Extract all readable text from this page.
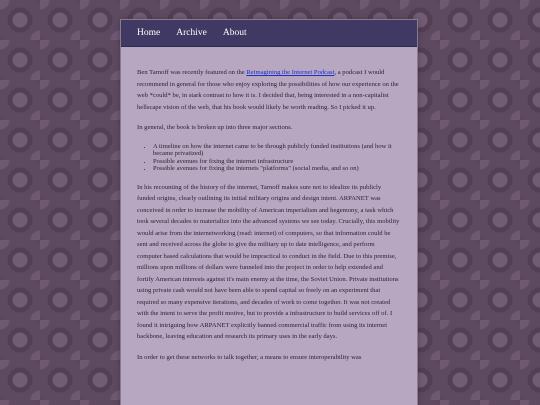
Home Archive About

Ben Tarnoff was recently featured on the Reimagining the Internet Podcast, a podcast I would recommend in general for those who enjoy exploring the possibilities of how our experience on the web *could* be, in stark contrast to how it is. I decided that, being interested in a non-capitalist hellscape vision of the web, that his book would likely be worth reading. So I picked it up.

In general, the book is broken up into three major sections.

• A timeline on how the internet came to be through publicly funded institutions (and how it became privatized)
• Possible avenues for fixing the internet infrastructure
• Possible avenues for fixing the internets "platforms" (social media, and so on)

In his recounting of the history of the internet, Tarnoff makes sure not to idealize its publicly funded origins, clearly outlining its initial military origins and design intent. ARPANET was conceived in order to increase the mobility of American imperialism and hegemony, a task which took several decades to materialize into the advanced systems we see today. Crucially, this mobility would arise from the internetworking (read: internet) of computers, so that information could be sent and received across the globe to give the military up to date intelligence, and perform computer based calculations that would be impractical to conduct in the field. Due to this premise, millions upon millions of dollars were funneled into the project in order to help extended and fortify American interests against it's main enemy at the time, the Soviet Union. Private institutions using private cash would not have been able to spend capital so freely on an experiment that required so many expensive iterations, and decades of work to come together. It was not created with the intent to serve the profit motive, but to provide a infrastructure to build services off of. I found it intriguing how ARPANET explicitly banned commercial traffic from using its internet backbone, leaving education and research its primary uses in the early days.

In order to get these networks to talk together, a means to ensure interoperability was
